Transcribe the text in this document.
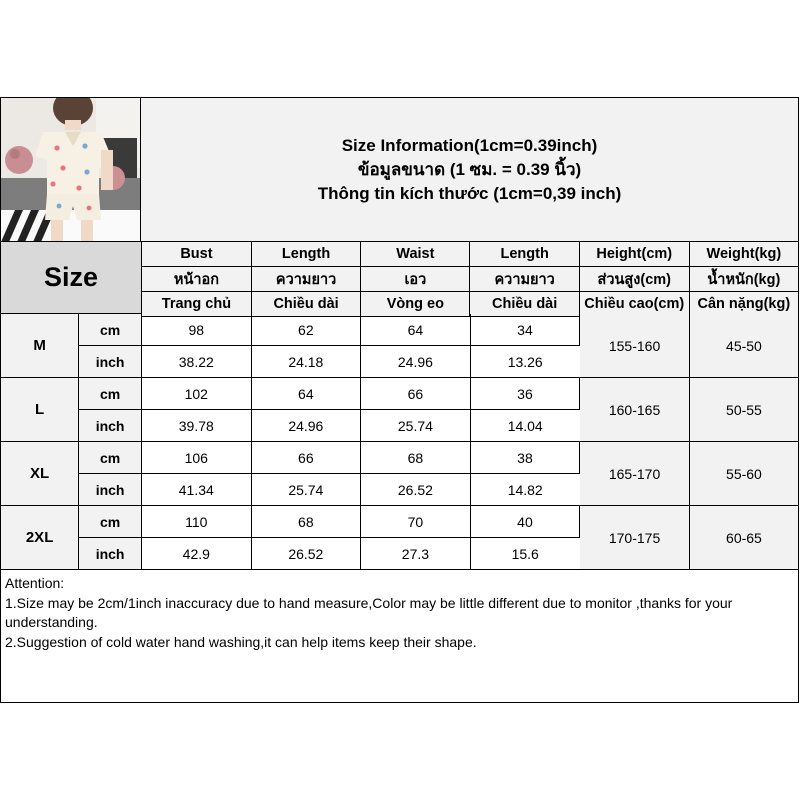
Size Information(1cm=0.39inch)
ข้อมูลขนาด (1 ซม. = 0.39 นิ้ว)
Thông tin kích thước (1cm=0,39 inch)
Size
Bust	Length	Waist	Length	Height(cm)	Weight(kg)
หน้าอก	ความยาว	เอว	ความยาว	ส่วนสูง(cm)	น้ำหนัก(kg)
Trang chủ	Chiều dài	Vòng eo	Chiều dài	Chiều cao(cm)	Cân nặng(kg)
M	cm	98	62	64	34	155-160	45-50
	inch	38.22	24.18	24.96	13.26		
L	cm	102	64	66	36	160-165	50-55
	inch	39.78	24.96	25.74	14.04		
XL	cm	106	66	68	38	165-170	55-60
	inch	41.34	25.74	26.52	14.82		
2XL	cm	110	68	70	40	170-175	60-65
	inch	42.9	26.52	27.3	15.6		
Attention:
1.Size may be 2cm/1inch inaccuracy due to hand measure,Color may be little different due to monitor ,thanks for your understanding.
2.Suggestion of cold water hand washing,it can help items keep their shape.
